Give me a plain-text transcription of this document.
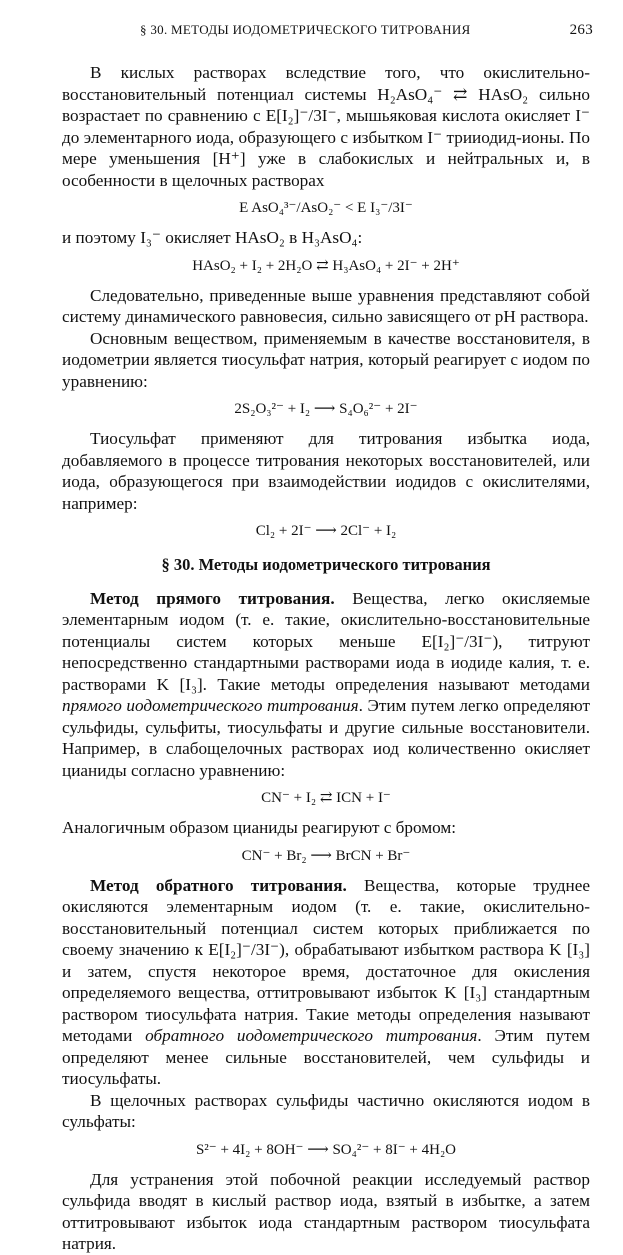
§ 30. МЕТОДЫ ИОДОМЕТРИЧЕСКОГО ТИТРОВАНИЯ	263

В кислых растворах вследствие того, что окислительно-восстановительный потенциал системы H₂AsO₄⁻ ⇄ HAsO₂ сильно возрастает по сравнению с E[I₂]⁻/3I⁻, мышьяковая кислота окисляет I⁻ до элементарного иода, образующего с избытком I⁻ трииодид-ионы. По мере уменьшения [H⁺] уже в слабокислых и нейтральных и, в особенности в щелочных растворах

E AsO₄³⁻/AsO₂⁻ < E I₃⁻/3I⁻

и поэтому I₃⁻ окисляет HAsO₂ в H₃AsO₄:

HAsO₂ + I₂ + 2H₂O ⇄ H₃AsO₄ + 2I⁻ + 2H⁺

Следовательно, приведенные выше уравнения представляют собой систему динамического равновесия, сильно зависящего от pH раствора.

Основным веществом, применяемым в качестве восстановителя, в иодометрии является тиосульфат натрия, который реагирует с иодом по уравнению:

2S₂O₃²⁻ + I₂ ⟶ S₄O₆²⁻ + 2I⁻

Тиосульфат применяют для титрования избытка иода, добавляемого в процессе титрования некоторых восстановителей, или иода, образующегося при взаимодействии иодидов с окислителями, например:

Cl₂ + 2I⁻ ⟶ 2Cl⁻ + I₂
§ 30. Методы иодометрического титрования

Метод прямого титрования. Вещества, легко окисляемые элементарным иодом (т. е. такие, окислительно-восстановительные потенциалы систем которых меньше E[I₂]⁻/3I⁻), титруют непосредственно стандартными растворами иода в иодиде калия, т. е. растворами K [I₃]. Такие методы определения называют методами прямого иодометрического титрования. Этим путем легко определяют сульфиды, сульфиты, тиосульфаты и другие сильные восстановители. Например, в слабощелочных растворах иод количественно окисляет цианиды согласно уравнению:

CN⁻ + I₂ ⇄ ICN + I⁻

Аналогичным образом цианиды реагируют с бромом:

CN⁻ + Br₂ ⟶ BrCN + Br⁻

Метод обратного титрования. Вещества, которые труднее окисляются элементарным иодом (т. е. такие, окислительно-восстановительный потенциал систем которых приближается по своему значению к E[I₂]⁻/3I⁻), обрабатывают избытком раствора K [I₃] и затем, спустя некоторое время, достаточное для окисления определяемого вещества, оттитровывают избыток K [I₃] стандартным раствором тиосульфата натрия. Такие методы определения называют методами обратного иодометрического титрования. Этим путем определяют менее сильные восстановителей, чем сульфиды и тиосульфаты.

В щелочных растворах сульфиды частично окисляются иодом в сульфаты:

S²⁻ + 4I₂ + 8OH⁻ ⟶ SO₄²⁻ + 8I⁻ + 4H₂O

Для устранения этой побочной реакции исследуемый раствор сульфида вводят в кислый раствор иода, взятый в избытке, а затем оттитровывают избыток иода стандартным раствором тиосульфата натрия.
